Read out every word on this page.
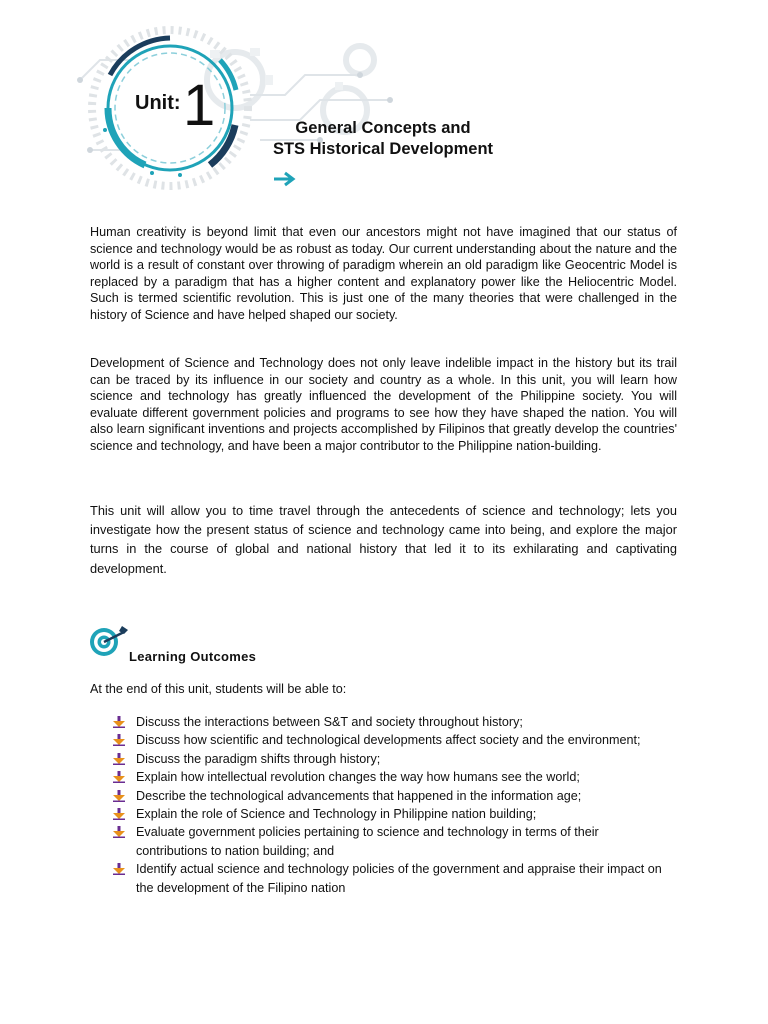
Unit: 1	General Concepts and
STS Historical Development

Human creativity is beyond limit that even our ancestors might not have imagined that our status of science and technology would be as robust as today. Our current understanding about the nature and the world is a result of constant over throwing of paradigm wherein an old paradigm like Geocentric Model is replaced by a paradigm that has a higher content and explanatory power like the Heliocentric Model. Such is termed scientific revolution. This is just one of the many theories that were challenged in the history of Science and have helped shaped our society.

Development of Science and Technology does not only leave indelible impact in the history but its trail can be traced by its influence in our society and country as a whole. In this unit, you will learn how science and technology has greatly influenced the development of the Philippine society. You will evaluate different government policies and programs to see how they have shaped the nation. You will also learn significant inventions and projects accomplished by Filipinos that greatly develop the countries' science and technology, and have been a major contributor to the Philippine nation-building.

This unit will allow you to time travel through the antecedents of science and technology; lets you investigate how the present status of science and technology came into being, and explore the major turns in the course of global and national history that led it to its exhilarating and captivating development.

Learning Outcomes
At the end of this unit, students will be able to:
Discuss the interactions between S&T and society throughout history;
Discuss how scientific and technological developments affect society and the environment;
Discuss the paradigm shifts through history;
Explain how intellectual revolution changes the way how humans see the world;
Describe the technological advancements that happened in the information age;
Explain the role of Science and Technology in Philippine nation building;
Evaluate government policies pertaining to science and technology in terms of their contributions to nation building; and
Identify actual science and technology policies of the government and appraise their impact on the development of the Filipino nation
